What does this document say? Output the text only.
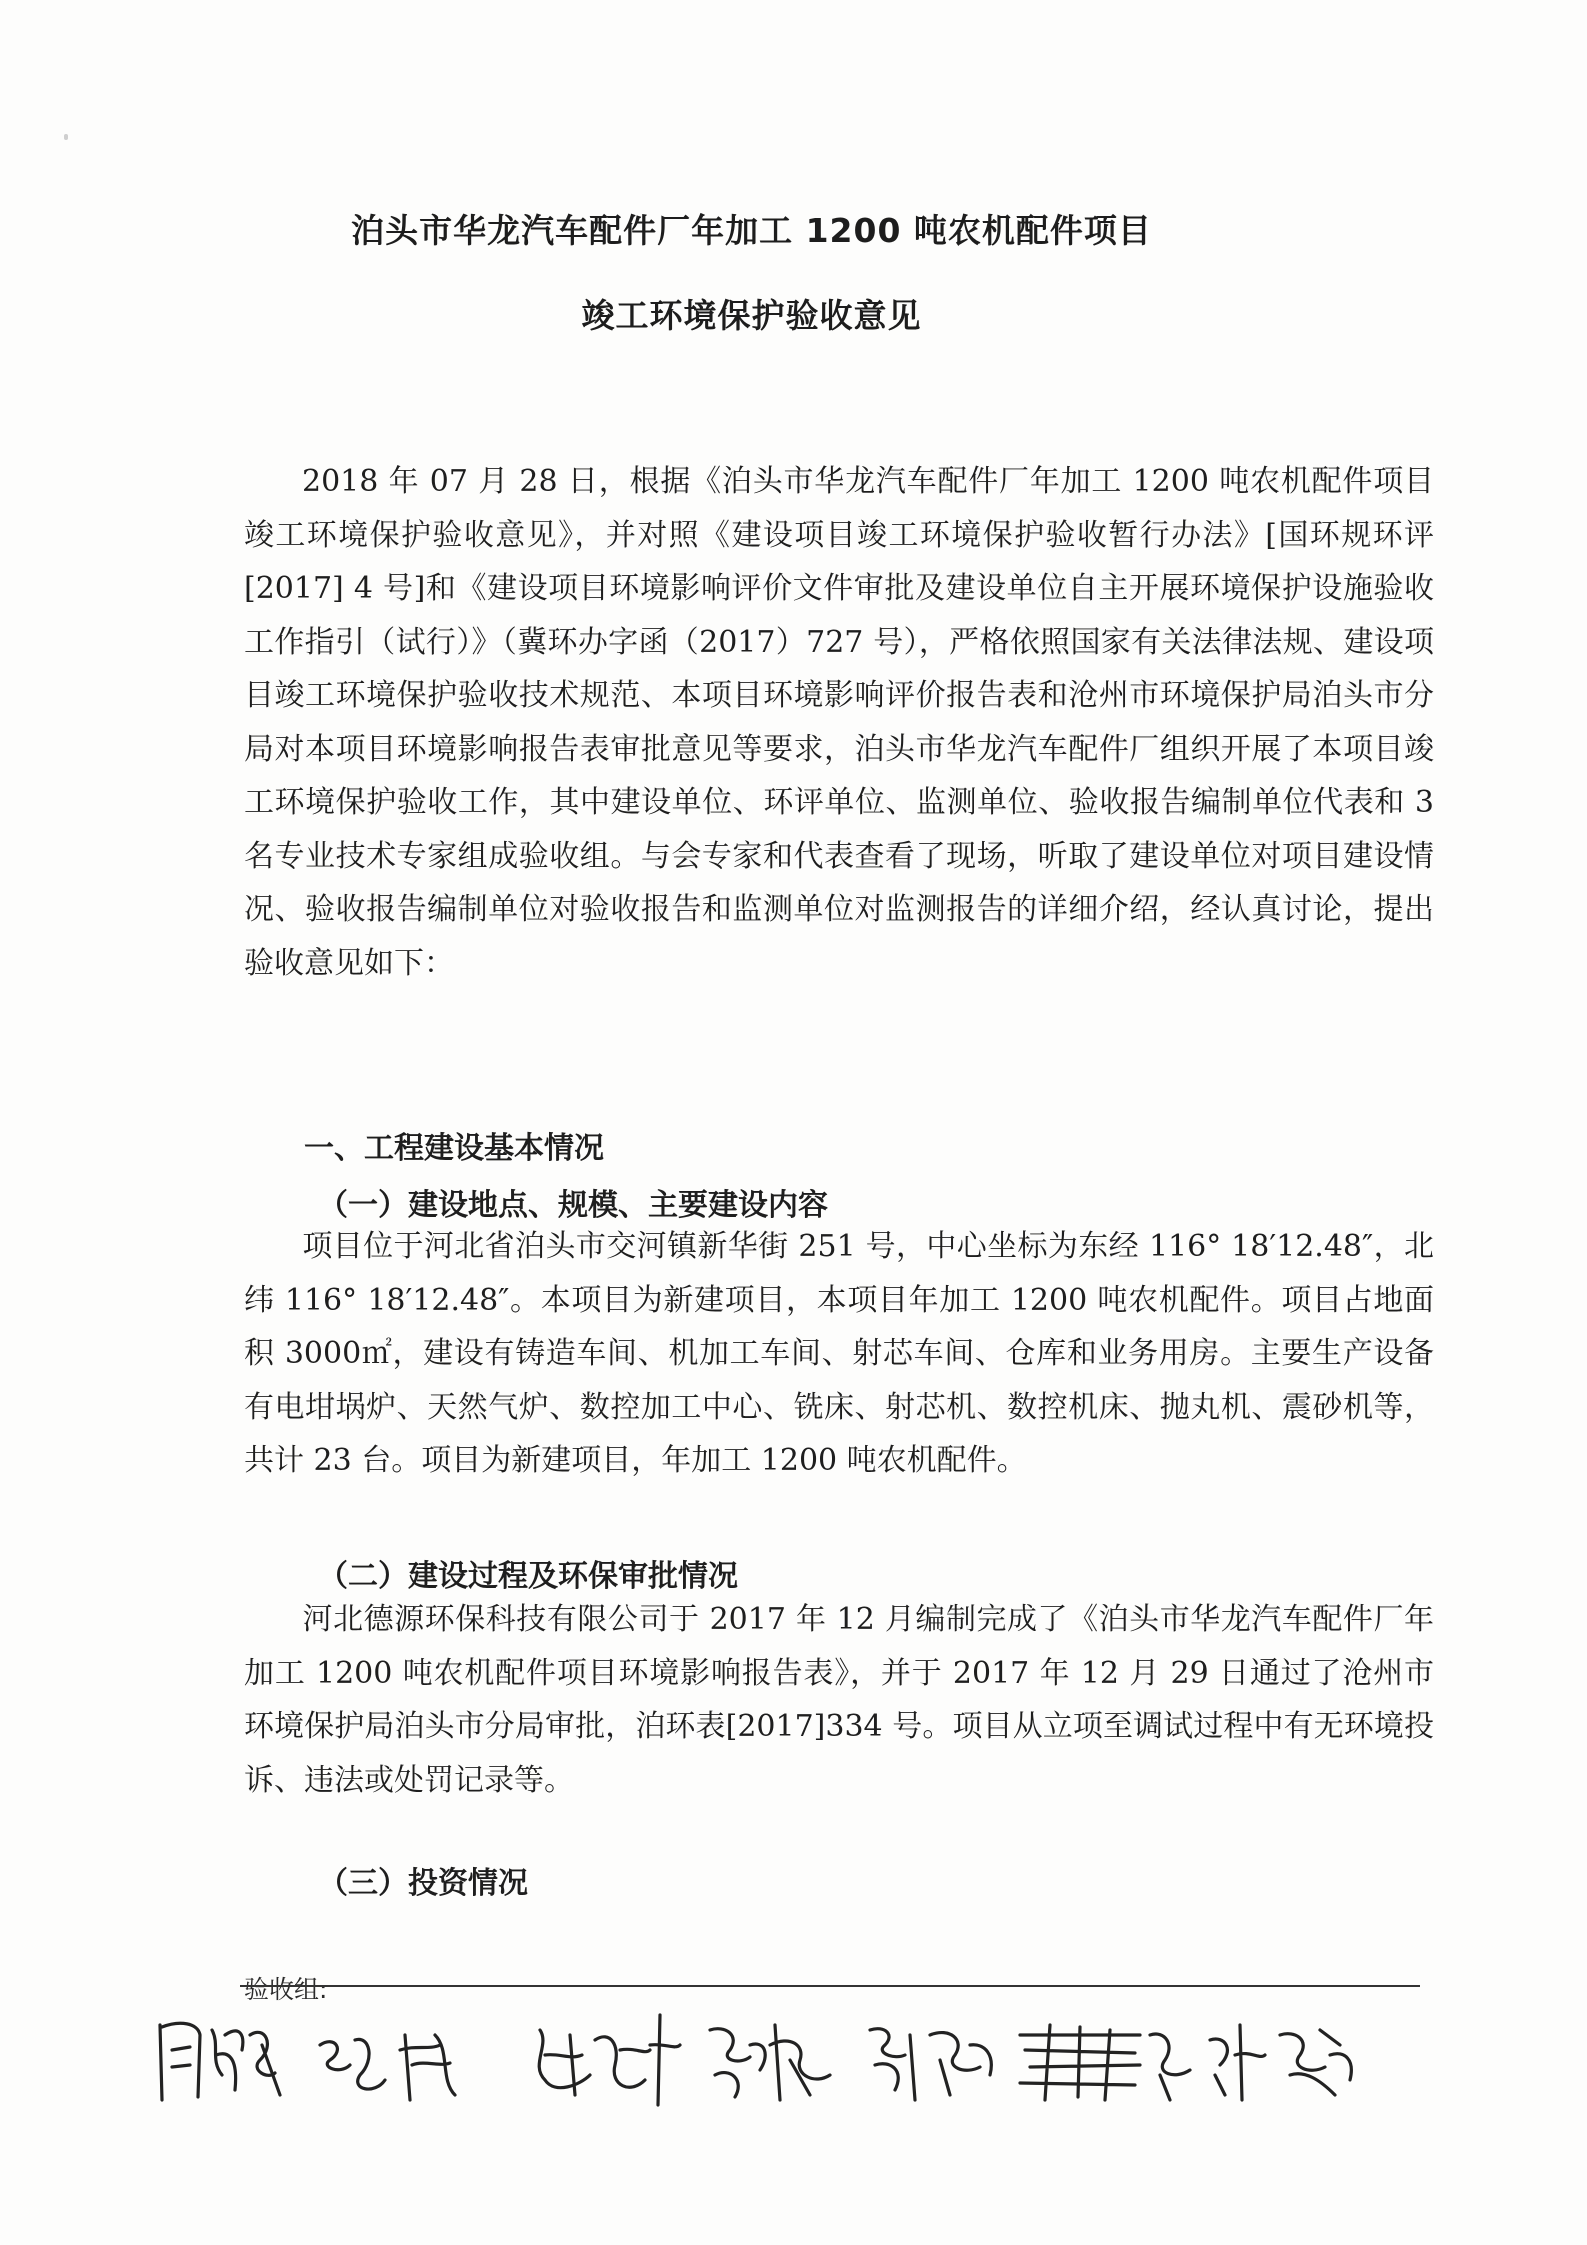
泊头市华龙汽车配件厂年加工 1200 吨农机配件项目
竣工环境保护验收意见
2018 年 07 月 28 日，根据《泊头市华龙汽车配件厂年加工 1200 吨农机配件项目竣工环境保护验收意见》，并对照《建设项目竣工环境保护验收暂行办法》[国环规环评[2017] 4 号]和《建设项目环境影响评价文件审批及建设单位自主开展环境保护设施验收工作指引（试行）》（冀环办字函（2017）727 号），严格依照国家有关法律法规、建设项目竣工环境保护验收技术规范、本项目环境影响评价报告表和沧州市环境保护局泊头市分局对本项目环境影响报告表审批意见等要求，泊头市华龙汽车配件厂组织开展了本项目竣工环境保护验收工作，其中建设单位、环评单位、监测单位、验收报告编制单位代表和 3 名专业技术专家组成验收组。与会专家和代表查看了现场，听取了建设单位对项目建设情况、验收报告编制单位对验收报告和监测单位对监测报告的详细介绍，经认真讨论，提出验收意见如下：
一、工程建设基本情况
（一）建设地点、规模、主要建设内容
项目位于河北省泊头市交河镇新华街 251 号，中心坐标为东经 116° 18′12.48″，北纬 116° 18′12.48″。本项目为新建项目，本项目年加工 1200 吨农机配件。项目占地面积 3000㎡，建设有铸造车间、机加工车间、射芯车间、仓库和业务用房。主要生产设备有电坩埚炉、天然气炉、数控加工中心、铣床、射芯机、数控机床、抛丸机、震砂机等，共计 23 台。项目为新建项目，年加工 1200 吨农机配件。
（二）建设过程及环保审批情况
河北德源环保科技有限公司于 2017 年 12 月编制完成了《泊头市华龙汽车配件厂年加工 1200 吨农机配件项目环境影响报告表》，并于 2017 年 12 月 29 日通过了沧州市环境保护局泊头市分局审批，泊环表[2017]334 号。项目从立项至调试过程中有无环境投诉、违法或处罚记录等。
（三）投资情况
验收组:
